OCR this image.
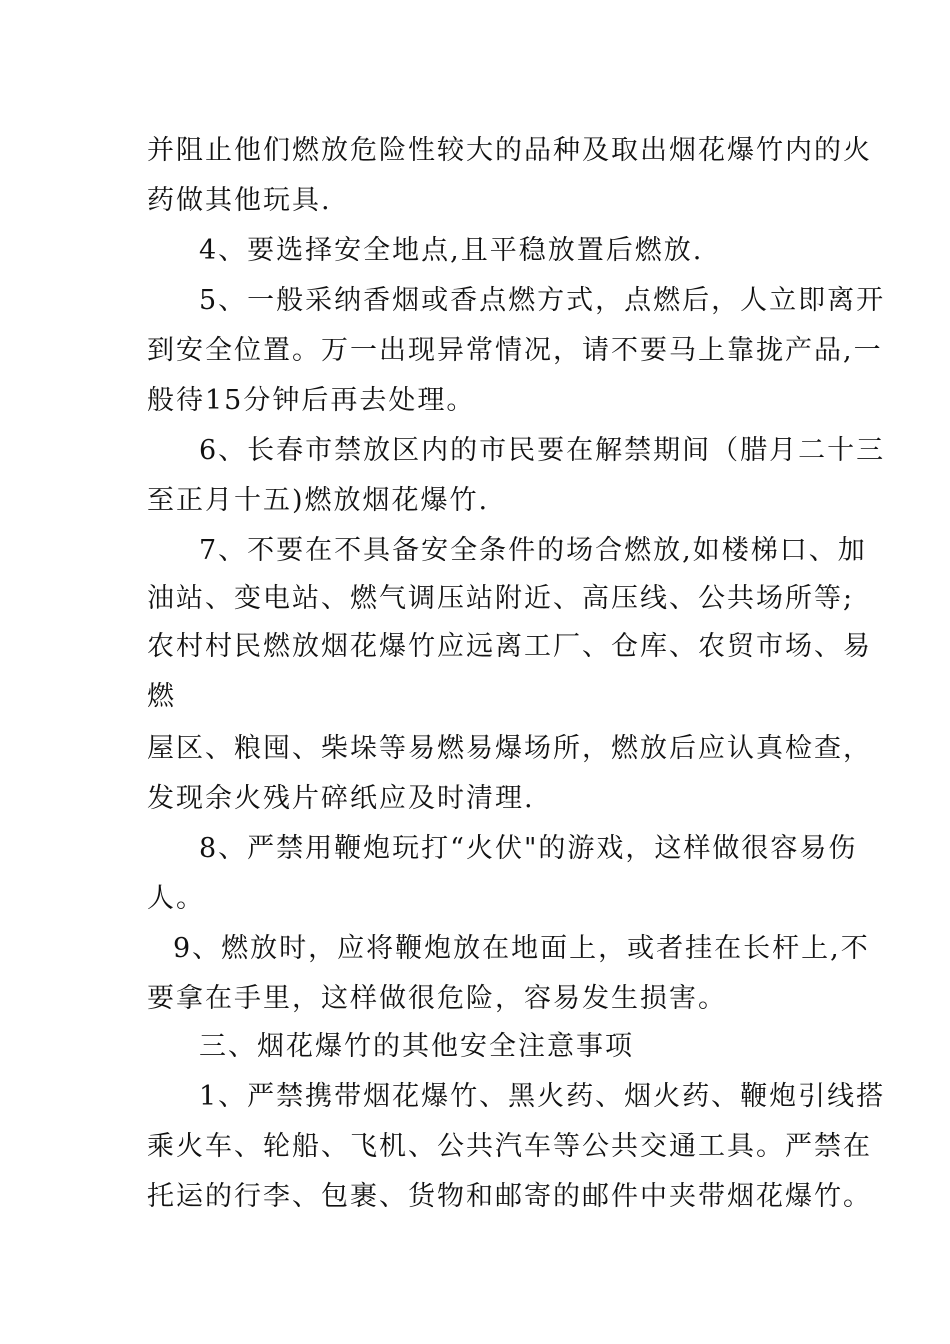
并阻止他们燃放危险性较大的品种及取出烟花爆竹内的火
药做其他玩具.
4、要选择安全地点,且平稳放置后燃放.
5、一般采纳香烟或香点燃方式，点燃后，人立即离开
到安全位置。万一出现异常情况，请不要马上靠拢产品,一
般待15分钟后再去处理。
6、长春市禁放区内的市民要在解禁期间（腊月二十三
至正月十五)燃放烟花爆竹.
7、不要在不具备安全条件的场合燃放,如楼梯口、加
油站、变电站、燃气调压站附近、高压线、公共场所等;
农村村民燃放烟花爆竹应远离工厂、仓库、农贸市场、易
燃
屋区、粮囤、柴垛等易燃易爆场所，燃放后应认真检查，
发现余火残片碎纸应及时清理.
8、严禁用鞭炮玩打“火伏"的游戏，这样做很容易伤
人。
9、燃放时，应将鞭炮放在地面上，或者挂在长杆上,不
要拿在手里，这样做很危险，容易发生损害。
三、烟花爆竹的其他安全注意事项
1、严禁携带烟花爆竹、黑火药、烟火药、鞭炮引线搭
乘火车、轮船、飞机、公共汽车等公共交通工具。严禁在
托运的行李、包裹、货物和邮寄的邮件中夹带烟花爆竹。
